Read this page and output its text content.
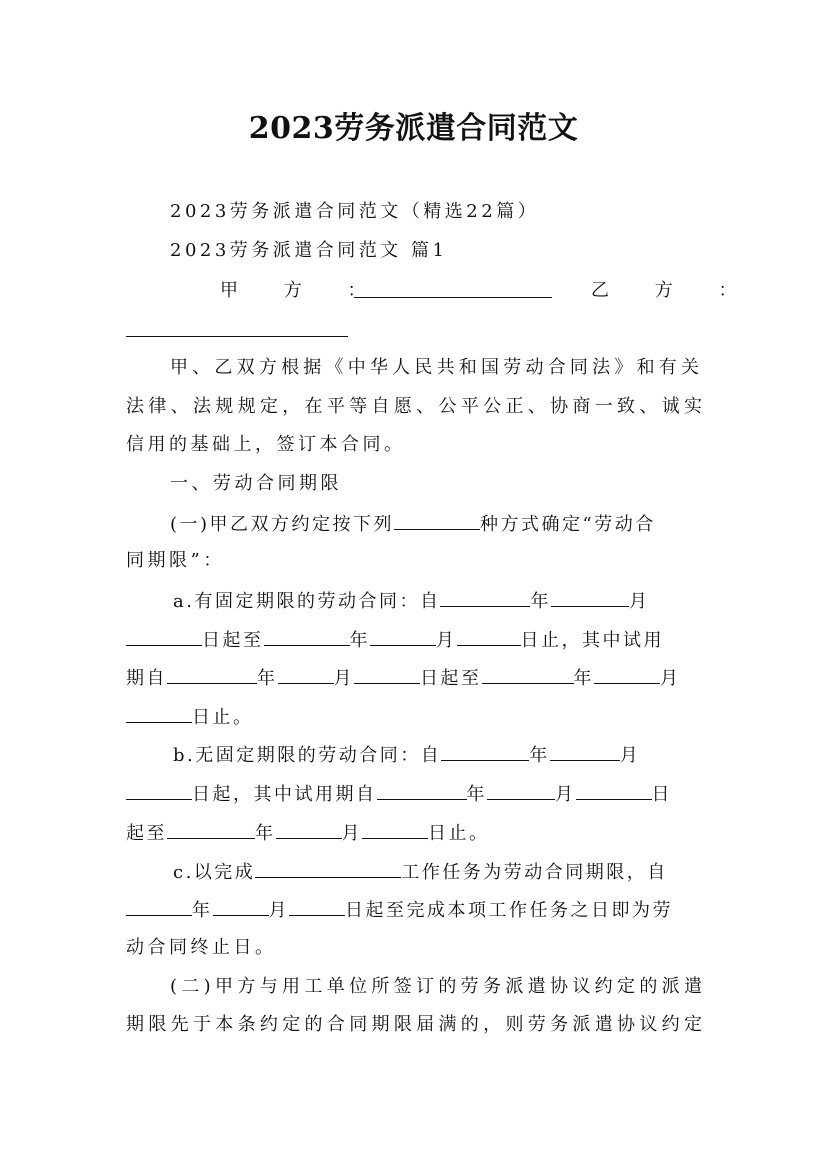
2023劳务派遣合同范文
2023劳务派遣合同范文（精选22篇）
2023劳务派遣合同范文 篇1
甲 方 ：	乙 方 ：
甲、乙双方根据《中华人民共和国劳动合同法》和有关
法律、法规规定，在平等自愿、公平公正、协商一致、诚实
信用的基础上，签订本合同。
一、劳动合同期限
(一)甲乙双方约定按下列	种方式确定“劳动合
同期限”：
a.有固定期限的劳动合同：自	年	月
日起至	年	月	日止，其中试用
期自	年	月	日起至	年	月
日止。
b.无固定期限的劳动合同：自	年	月
日起，其中试用期自	年	月	日
起至	年	月	日止。
c.以完成	工作任务为劳动合同期限，自
年	月	日起至完成本项工作任务之日即为劳
动合同终止日。
(二)甲方与用工单位所签订的劳务派遣协议约定的派遣
期限先于本条约定的合同期限届满的，则劳务派遣协议约定
